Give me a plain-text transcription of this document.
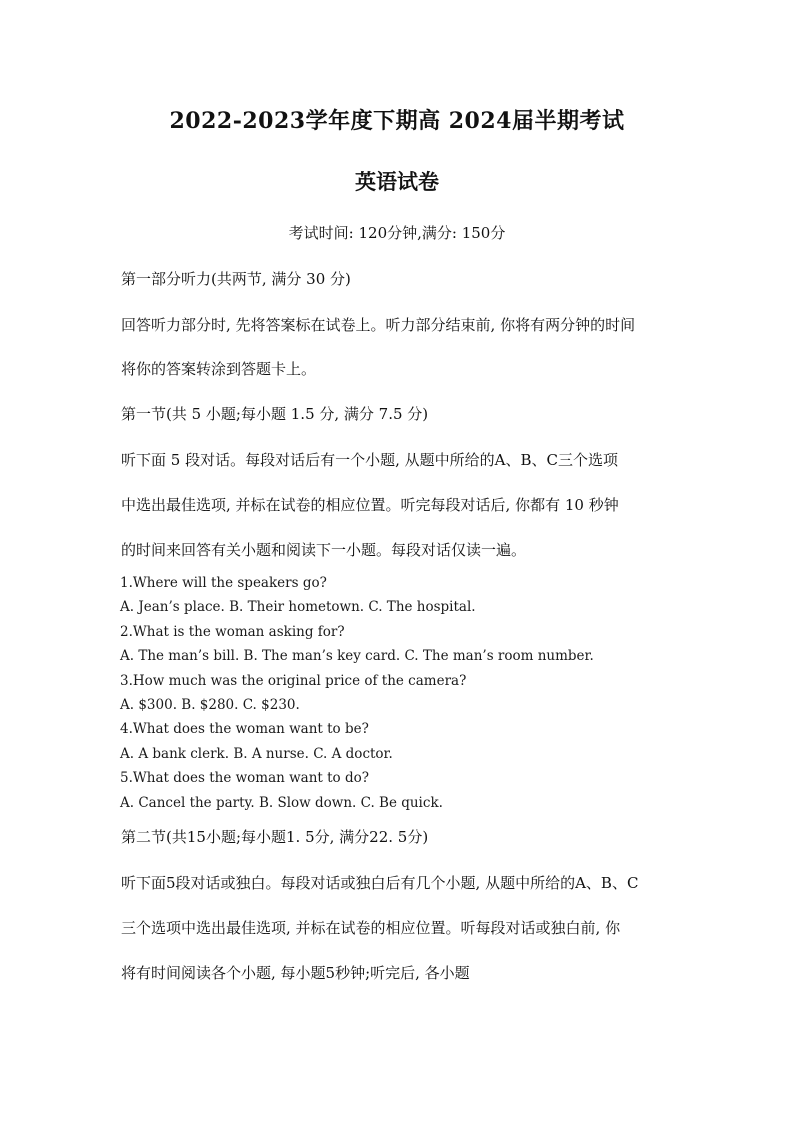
2022-2023学年度下期高 2024届半期考试
英语试卷
考试时间: 120分钟,满分: 150分
第一部分听力(共两节, 满分 30 分)
回答听力部分时, 先将答案标在试卷上。听力部分结束前, 你将有两分钟的时间
将你的答案转涂到答题卡上。
第一节(共 5 小题;每小题 1.5 分, 满分 7.5 分)
听下面 5 段对话。每段对话后有一个小题, 从题中所给的A、B、C三个选项
中选出最佳选项, 并标在试卷的相应位置。听完每段对话后, 你都有 10 秒钟
的时间来回答有关小题和阅读下一小题。每段对话仅读一遍。
1.Where will the speakers go?
A. Jean’s place. B. Their hometown. C. The hospital.
2.What is the woman asking for?
A. The man’s bill. B. The man’s key card. C. The man’s room number.
3.How much was the original price of the camera?
A. $300. B. $280. C. $230.
4.What does the woman want to be?
A. A bank clerk. B. A nurse. C. A doctor.
5.What does the woman want to do?
A. Cancel the party. B. Slow down. C. Be quick.
第二节(共15小题;每小题1. 5分, 满分22. 5分)
听下面5段对话或独白。每段对话或独白后有几个小题, 从题中所给的A、B、C
三个选项中选出最佳选项, 并标在试卷的相应位置。听每段对话或独白前, 你
将有时间阅读各个小题, 每小题5秒钟;听完后, 各小题
